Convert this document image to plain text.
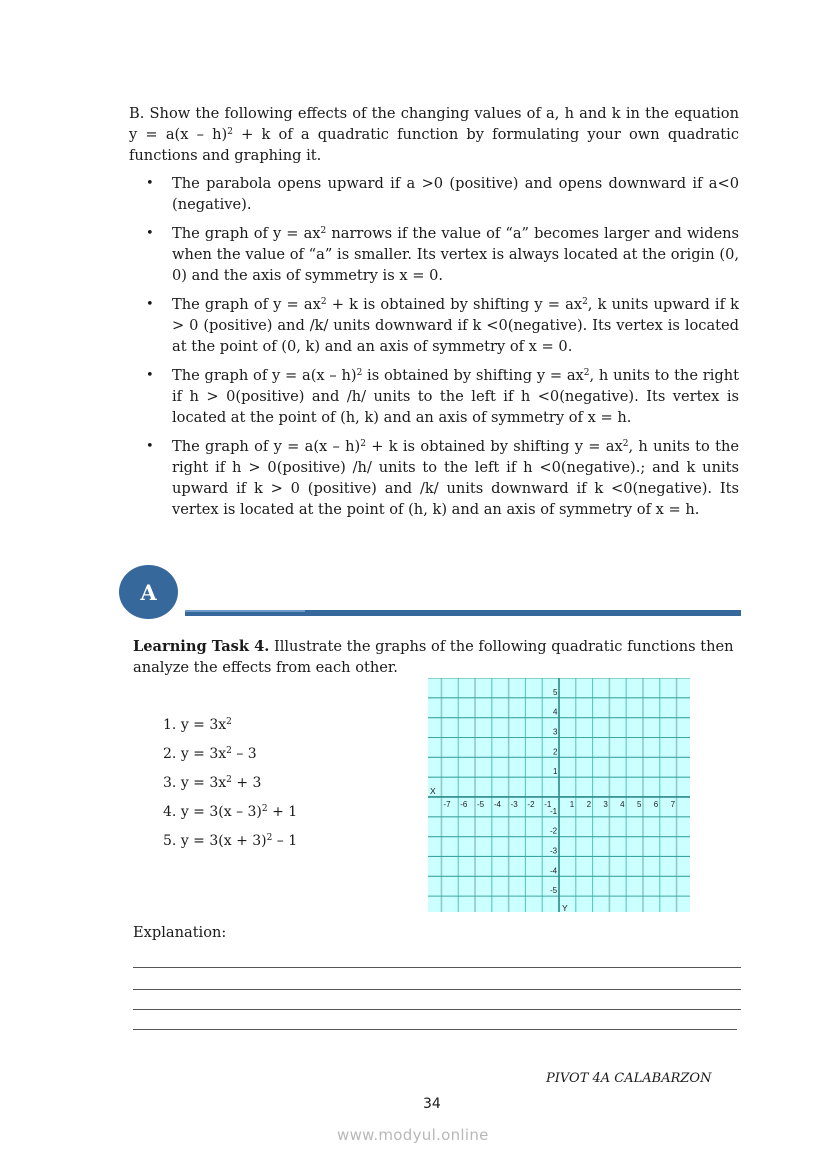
B. Show the following effects of the changing values of a, h and k in the equation y = a(x – h)$^2$ + k of a quadratic function by formulating your own quadratic functions and graphing it.

• The parabola opens upward if a >0 (positive) and opens downward if a<0 (negative).
• The graph of $y = ax^2$ narrows if the value of “a” becomes larger and widens when the value of “a” is smaller. Its vertex is always located at the origin (0, 0) and the axis of symmetry is x = 0.
• The graph of $y = ax^2 + k$ is obtained by shifting $y = ax^2$, k units upward if k > 0 (positive) and /k/ units downward if k <0(negative). Its vertex is located at the point of (0, k) and an axis of symmetry of x = 0.
• The graph of y = a(x – h)$^2$ is obtained by shifting $y = ax^2$, h units to the right if h > 0(positive) and /h/ units to the left if h <0(negative). Its vertex is located at the point of (h, k) and an axis of symmetry of x = h.
• The graph of y = a(x – h)$^2$ + k is obtained by shifting $y = ax^2$, h units to the right if h > 0(positive) /h/ units to the left if h <0(negative).; and k units upward if k > 0 (positive) and /k/ units downward if k <0(negative). Its vertex is located at the point of (h, k) and an axis of symmetry of x = h.
A

Learning Task 4. Illustrate the graphs of the following quadratic functions then analyze the effects from each other.

1. $y = 3x^2$
2. $y = 3x^2 - 3$
3. $y = 3x^2 + 3$
4. y = 3(x – 3)$^2$ + 1
5. $y = 3(x + 3)^2 - 1$
-7 -6 -5 -4 -3 -2 -1 1 2 3 4 5 6 7
5
4
3
2
1
-1
-2
-3
-4
-5
X
Y
Explanation:
PIVOT 4A CALABARZON
34
www.modyul.online
